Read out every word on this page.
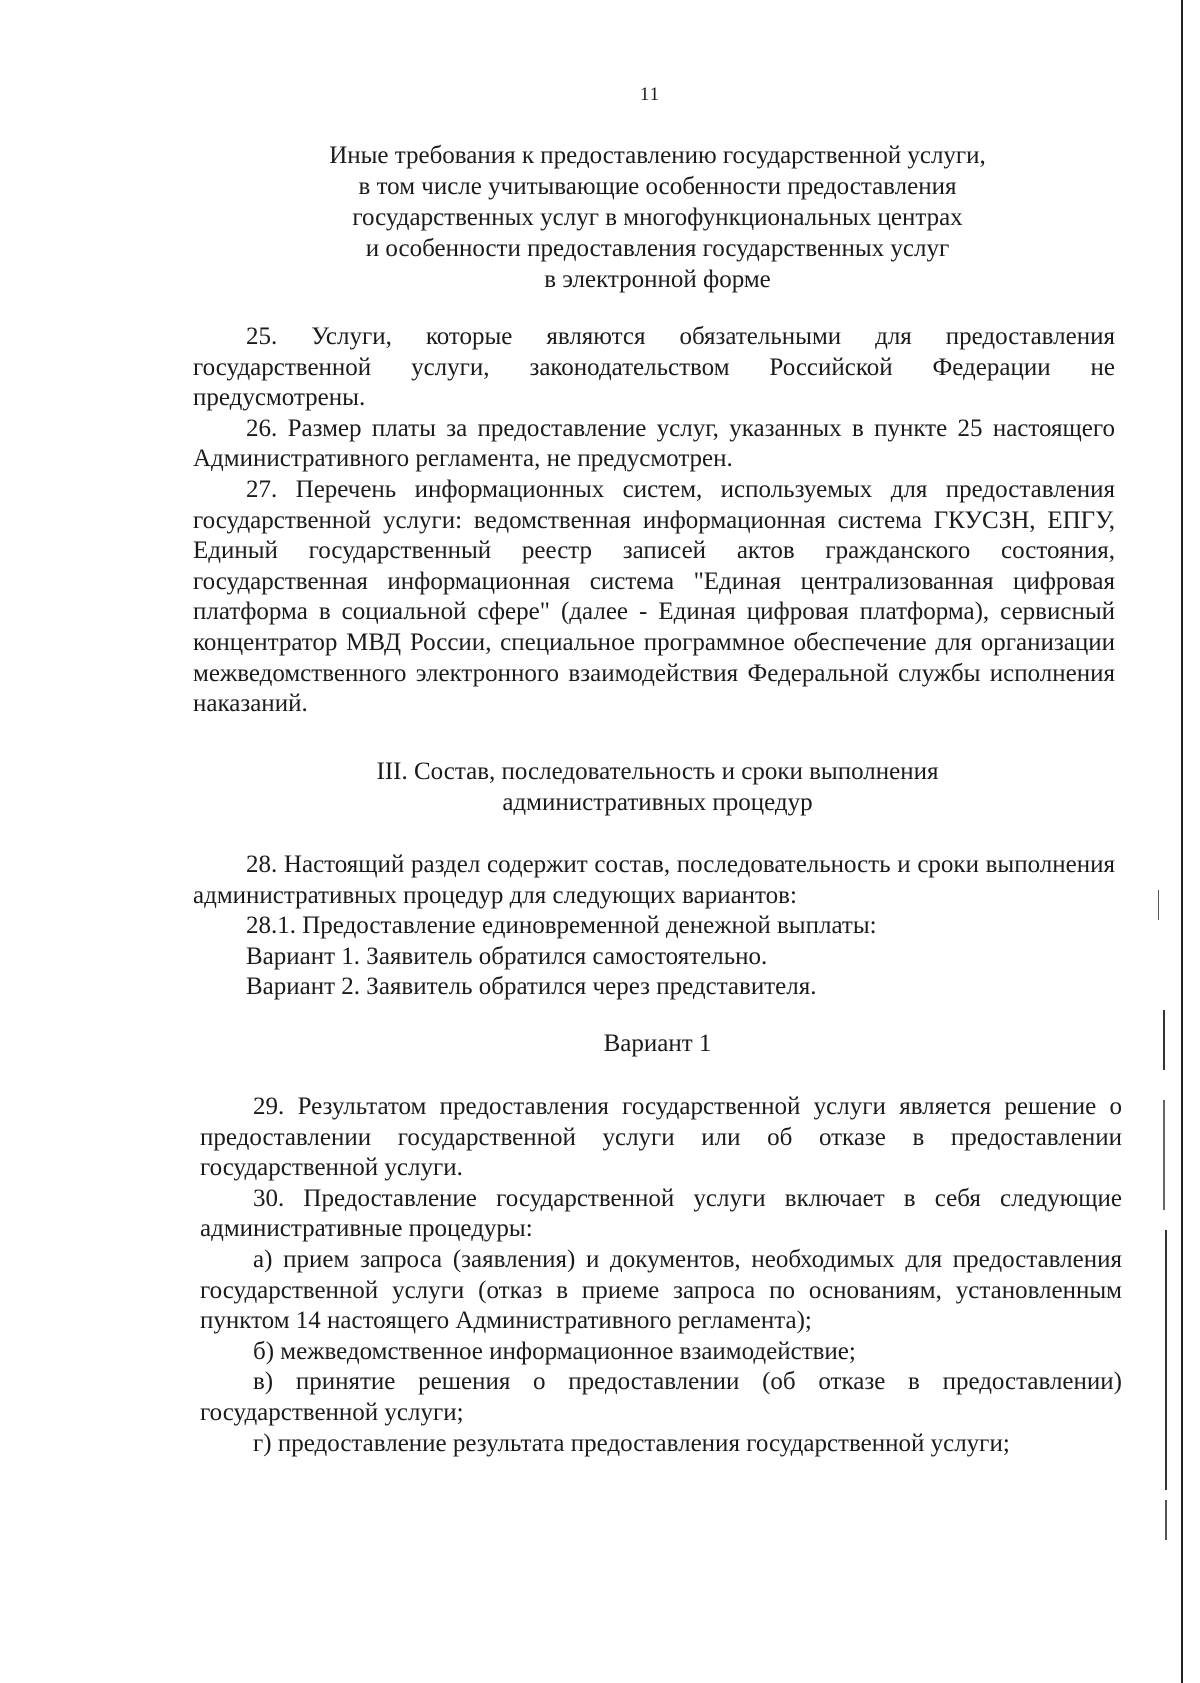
11
Иные требования к предоставлению государственной услуги,
в том числе учитывающие особенности предоставления
государственных услуг в многофункциональных центрах
и особенности предоставления государственных услуг
в электронной форме

25. Услуги, которые являются обязательными для предоставления государственной услуги, законодательством Российской Федерации не предусмотрены.

26. Размер платы за предоставление услуг, указанных в пункте 25 настоящего Административного регламента, не предусмотрен.

27. Перечень информационных систем, используемых для предоставления государственной услуги: ведомственная информационная система ГКУСЗН, ЕПГУ, Единый государственный реестр записей актов гражданского состояния, государственная информационная система "Единая централизованная цифровая платформа в социальной сфере" (далее - Единая цифровая платформа), сервисный концентратор МВД России, специальное программное обеспечение для организации межведомственного электронного взаимодействия Федеральной службы исполнения наказаний.

III. Состав, последовательность и сроки выполнения
административных процедур

28. Настоящий раздел содержит состав, последовательность и сроки выполнения административных процедур для следующих вариантов:

28.1. Предоставление единовременной денежной выплаты:

Вариант 1. Заявитель обратился самостоятельно.

Вариант 2. Заявитель обратился через представителя.

Вариант 1

29. Результатом предоставления государственной услуги является решение о предоставлении государственной услуги или об отказе в предоставлении государственной услуги.

30. Предоставление государственной услуги включает в себя следующие административные процедуры:

а) прием запроса (заявления) и документов, необходимых для предоставления государственной услуги (отказ в приеме запроса по основаниям, установленным пунктом 14 настоящего Административного регламента);

б) межведомственное информационное взаимодействие;

в) принятие решения о предоставлении (об отказе в предоставлении) государственной услуги;

г) предоставление результата предоставления государственной услуги;
